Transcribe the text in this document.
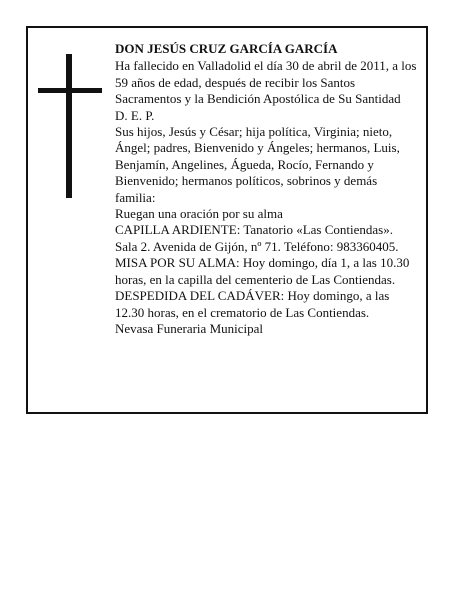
DON JESÚS CRUZ GARCÍA GARCÍA

Ha fallecido en Valladolid el día 30 de abril de 2011, a los 59 años de edad, después de recibir los Santos Sacramentos y la Bendición Apostólica de Su Santidad

D. E. P.

Sus hijos, Jesús y César; hija política, Virginia; nieto, Ángel; padres, Bienvenido y Ángeles; hermanos, Luis, Benjamín, Angelines, Águeda, Rocío, Fernando y Bienvenido; hermanos políticos, sobrinos y demás familia:

Ruegan una oración por su alma

CAPILLA ARDIENTE: Tanatorio «Las Contiendas». Sala 2. Avenida de Gijón, nº 71. Teléfono: 983360405.

MISA POR SU ALMA: Hoy domingo, día 1, a las 10.30 horas, en la capilla del cementerio de Las Contiendas.

DESPEDIDA DEL CADÁVER: Hoy domingo, a las 12.30 horas, en el crematorio de Las Contiendas.

Nevasa Funeraria Municipal
